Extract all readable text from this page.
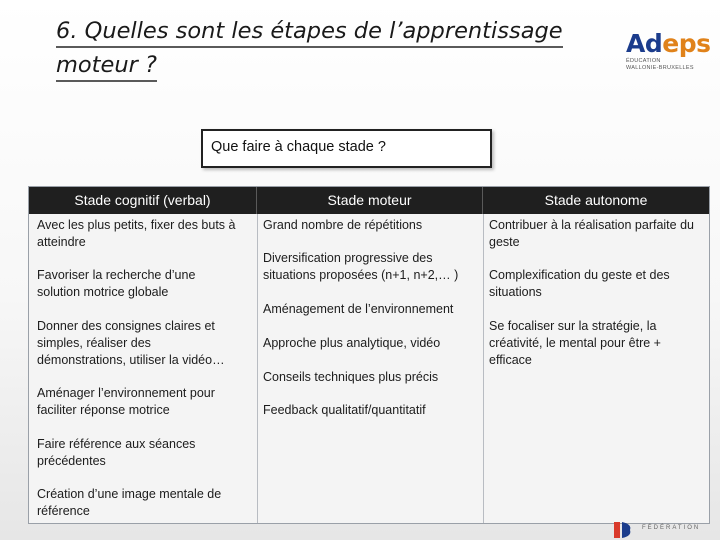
6. Quelles sont les étapes de l’apprentissage
moteur ?
Adeps
ÉDUCATION
WALLONIE-BRUXELLES
Que faire à chaque stade ?
Stade cognitif (verbal)	Stade moteur	Stade autonome

Avec les plus petits, fixer des buts à atteindre

Favoriser la recherche d’une solution motrice globale

Donner des consignes claires et simples, réaliser des démonstrations, utiliser la vidéo…

Aménager l’environnement pour faciliter réponse motrice

Faire référence aux séances précédentes

Création d’une image mentale de référence

Grand nombre de répétitions

Diversification progressive des situations proposées (n+1, n+2,… )

Aménagement de l’environnement

Approche plus analytique, vidéo

Conseils techniques plus précis

Feedback qualitatif/quantitatif

Contribuer à la réalisation parfaite du geste

Complexification du geste et des situations

Se focaliser sur la stratégie, la créativité, le mental pour être + efficace

FÉDÉRATION
